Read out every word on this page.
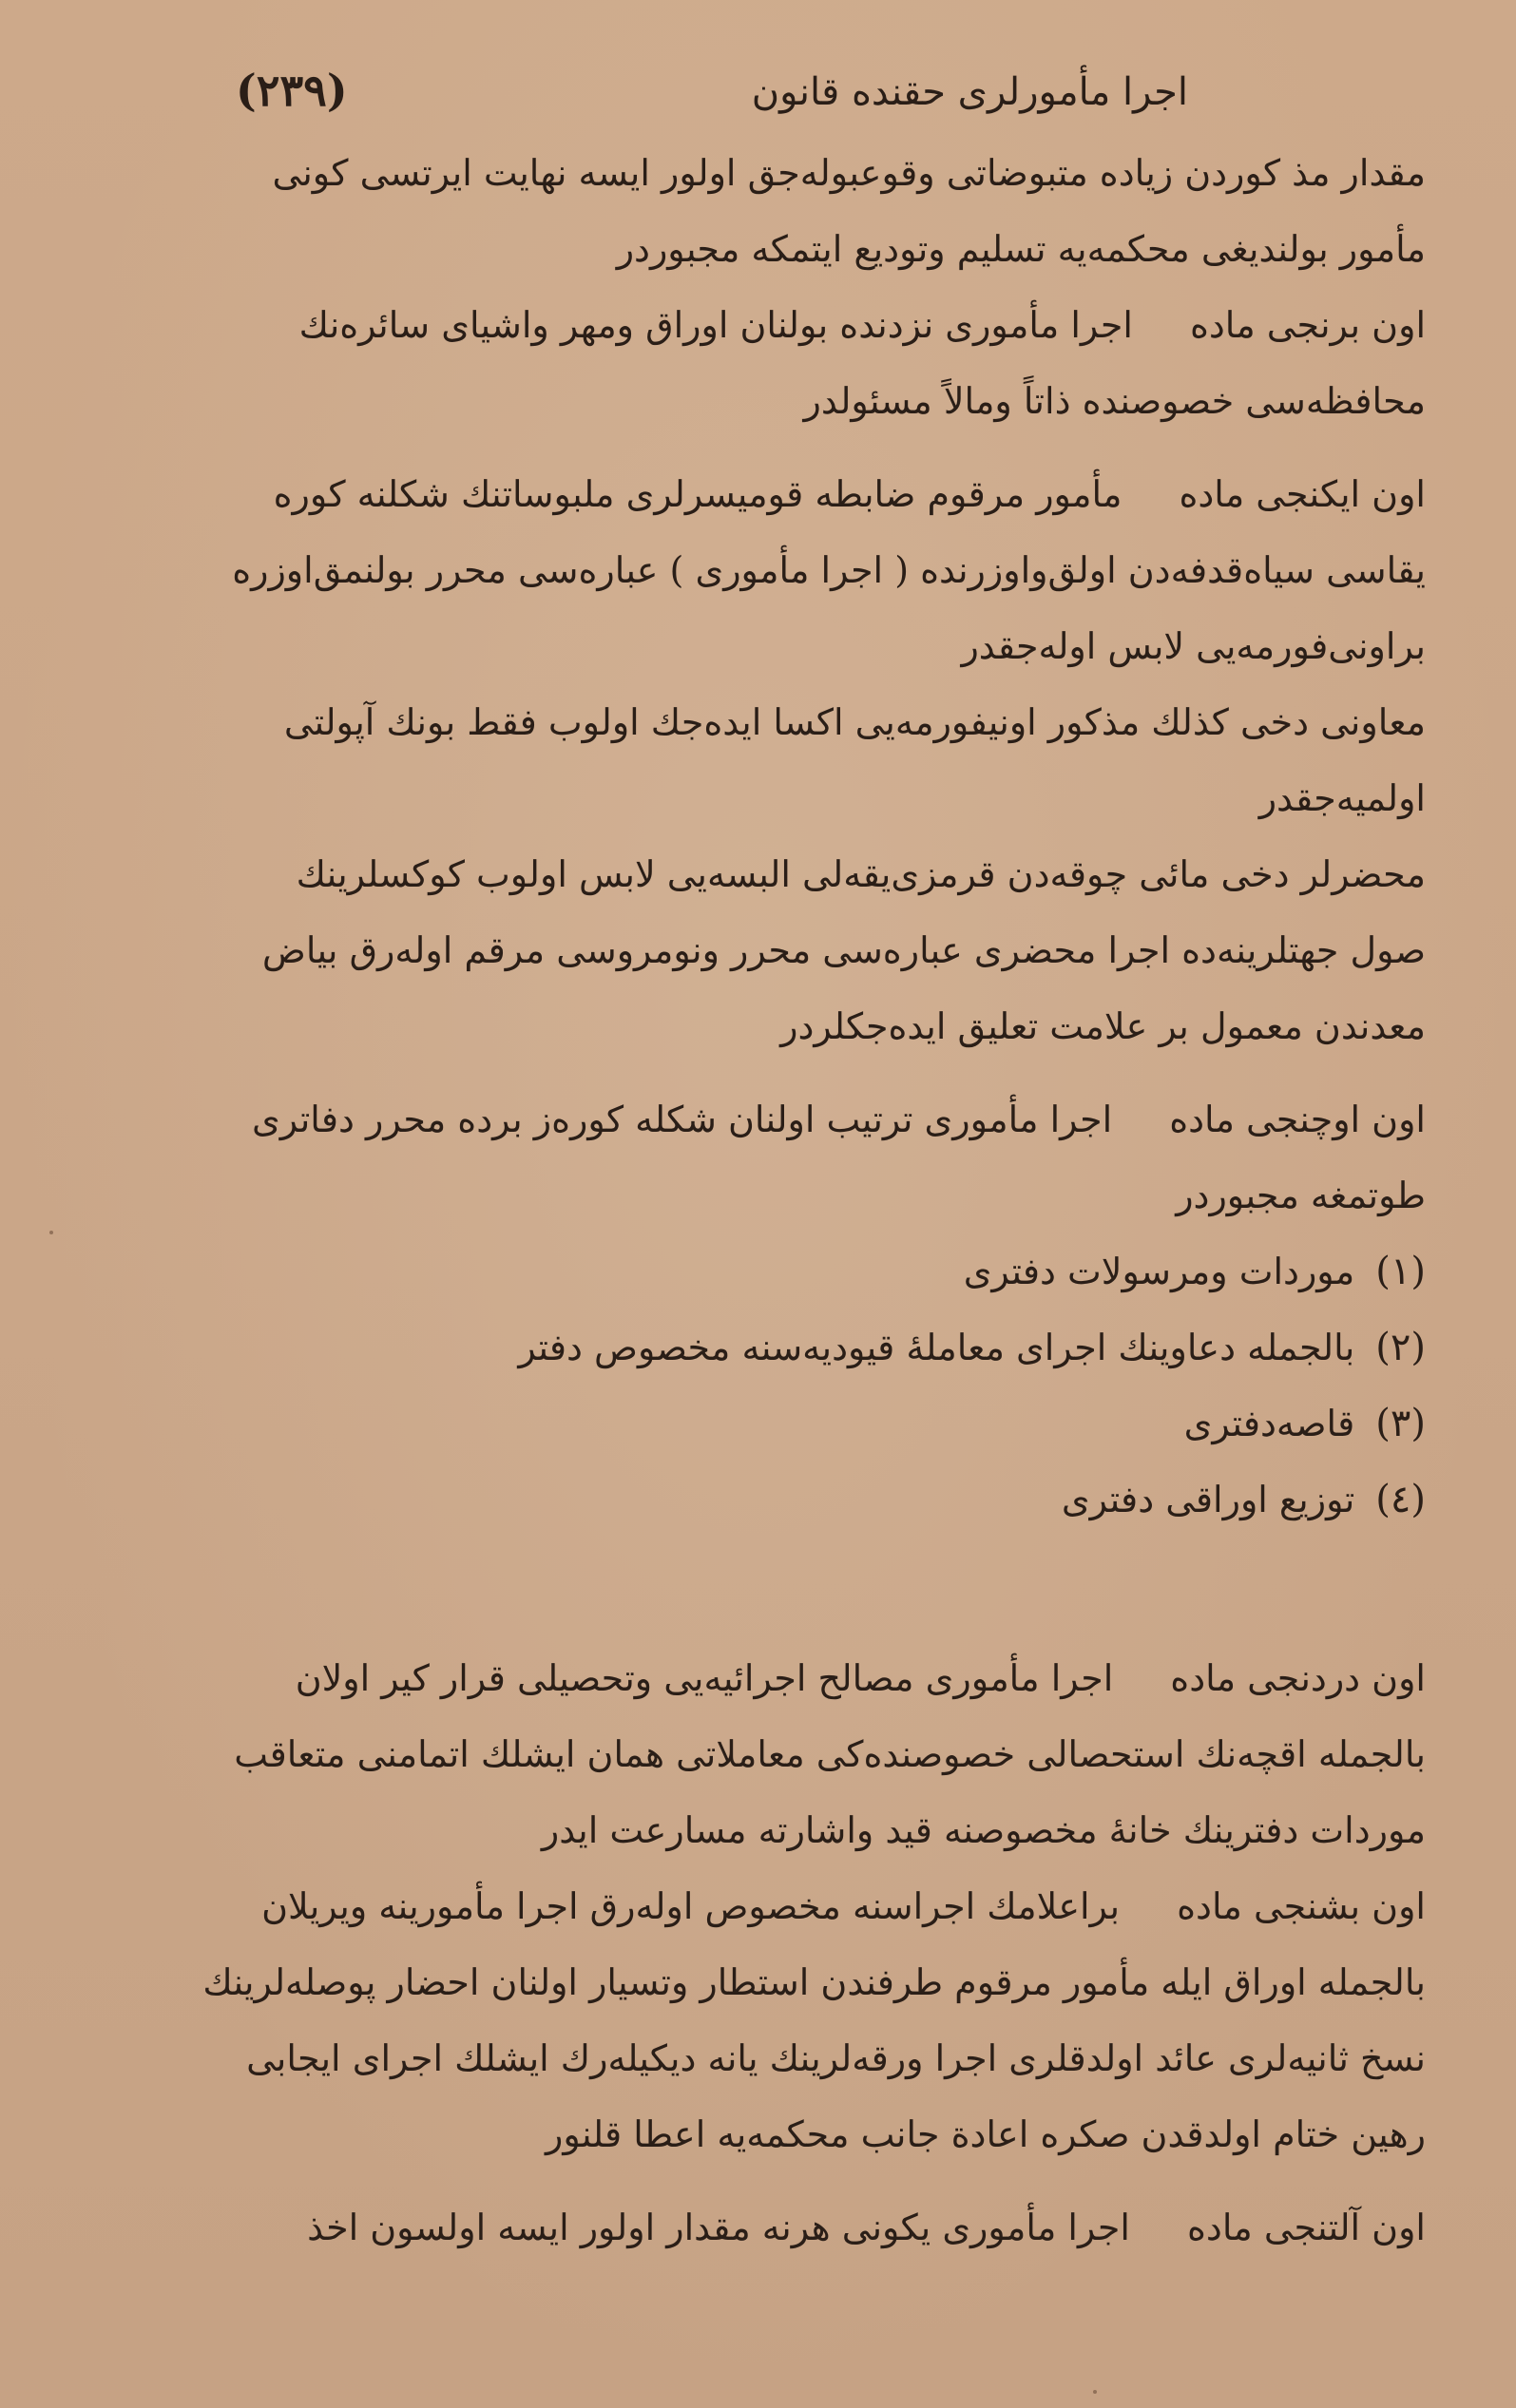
اجرا مأمورلری حقنده قانون
(٢٣٩)
مقدار مذ کوردن زیاده متبوضاتی وقوعبوله‌جق اولور ایسه نهایت ایرتسی کونی
مأمور بولندیغی محکمه‌یه تسلیم وتودیع ایتمکه مجبوردر
اون برنجی مادهاجرا مأموری نزدنده بولنان اوراق ومهر واشیای سائره‌نك
محافظه‌سی خصوصنده ذاتاً ومالاً مسئولدر
اون ایکنجی مادهمأمور مرقوم ضابطه قومیسرلری ملبوساتنك شکلنه کوره
یقاسی سیاه‌قدفه‌دن اولق‌واوزرنده ( اجرا مأموری ) عباره‌سی محرر بولنمق‌اوزره
براونی‌فورمه‌یی لابس اوله‌جقدر
معاونی دخی کذلك مذکور اونیفورمه‌یی اکسا ایده‌جك اولوب فقط بونك آپولتی
اولمیه‌جقدر
محضرلر دخی مائی چوقه‌دن قرمزی‌یقه‌لی البسه‌یی لابس اولوب کوکسلرینك
صول جهتلرینه‌ده اجرا محضری عباره‌سی محرر ونومروسی مرقم اوله‌رق بیاض
معدندن معمول بر علامت تعلیق ایده‌جکلردر
اون اوچنجی مادهاجرا مأموری ترتیب اولنان شکله کوره‌ز برده محرر دفاتری
طوتمغه مجبوردر
(١)موردات ومرسولات دفتری
(٢)بالجمله دعاوینك اجرای معامله‌ٔ قیودیه‌سنه مخصوص دفتر
(٣)قاصه‌دفتری
(٤)توزیع اوراقی دفتری
اون دردنجی مادهاجرا مأموری مصالح اجرائیه‌یی وتحصیلی قرار کیر اولان
بالجمله اقچه‌نك استحصالی خصوصنده‌کی معاملاتی همان ایشلك اتمامنی متعاقب
موردات دفترینك خانهٔ مخصوصنه قید واشارته مسارعت ایدر
اون بشنجی مادهبراعلامك اجراسنه مخصوص اوله‌رق اجرا مأمورینه ویریلان
بالجمله اوراق ایله مأمور مرقوم طرفندن استطار وتسیار اولنان احضار پوصله‌لرینك
نسخ ثانیه‌لری عائد اولدقلری اجرا ورقه‌لرینك یانه دیکیله‌رك ایشلك اجرای ایجابی
رهین ختام اولدقدن صکره اعادة جانب محکمه‌یه اعطا قلنور
اون آلتنجی مادهاجرا مأموری یکونی هرنه مقدار اولور ایسه اولسون اخذ
